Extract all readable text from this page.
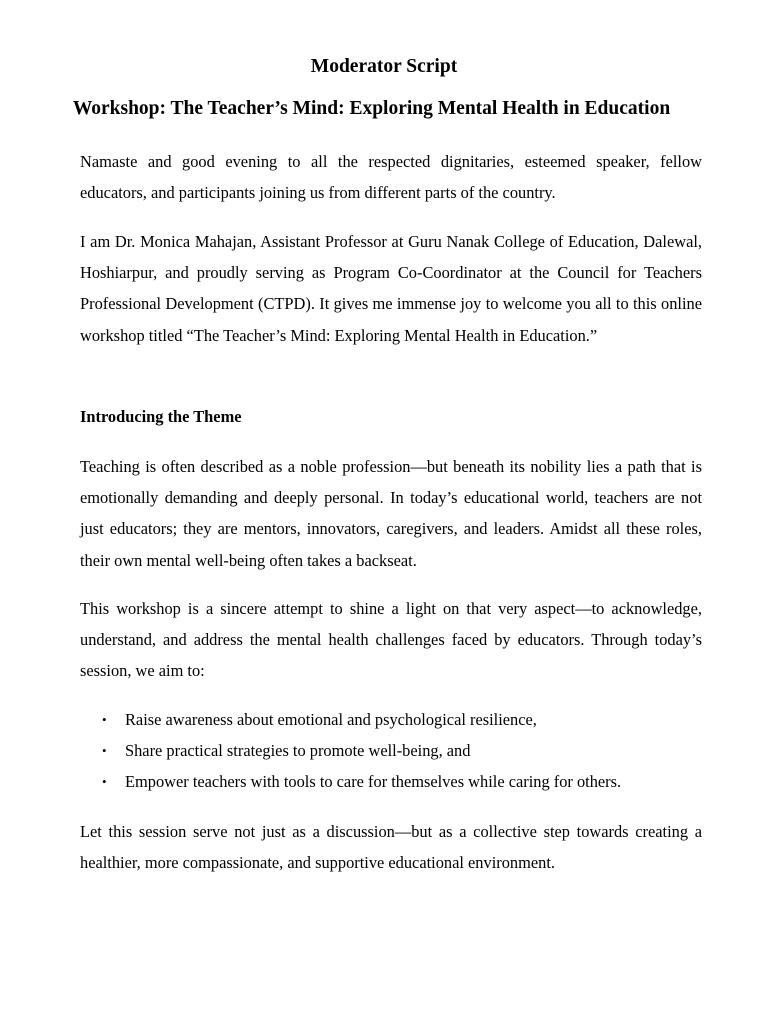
Moderator Script
Workshop: The Teacher’s Mind: Exploring Mental Health in Education

Namaste and good evening to all the respected dignitaries, esteemed speaker, fellow educators, and participants joining us from different parts of the country.

I am Dr. Monica Mahajan, Assistant Professor at Guru Nanak College of Education, Dalewal, Hoshiarpur, and proudly serving as Program Co-Coordinator at the Council for Teachers Professional Development (CTPD). It gives me immense joy to welcome you all to this online workshop titled “The Teacher’s Mind: Exploring Mental Health in Education.”

Introducing the Theme

Teaching is often described as a noble profession—but beneath its nobility lies a path that is emotionally demanding and deeply personal. In today’s educational world, teachers are not just educators; they are mentors, innovators, caregivers, and leaders. Amidst all these roles, their own mental well-being often takes a backseat.

This workshop is a sincere attempt to shine a light on that very aspect—to acknowledge, understand, and address the mental health challenges faced by educators. Through today’s session, we aim to:

• Raise awareness about emotional and psychological resilience,
• Share practical strategies to promote well-being, and
• Empower teachers with tools to care for themselves while caring for others.

Let this session serve not just as a discussion—but as a collective step towards creating a healthier, more compassionate, and supportive educational environment.
